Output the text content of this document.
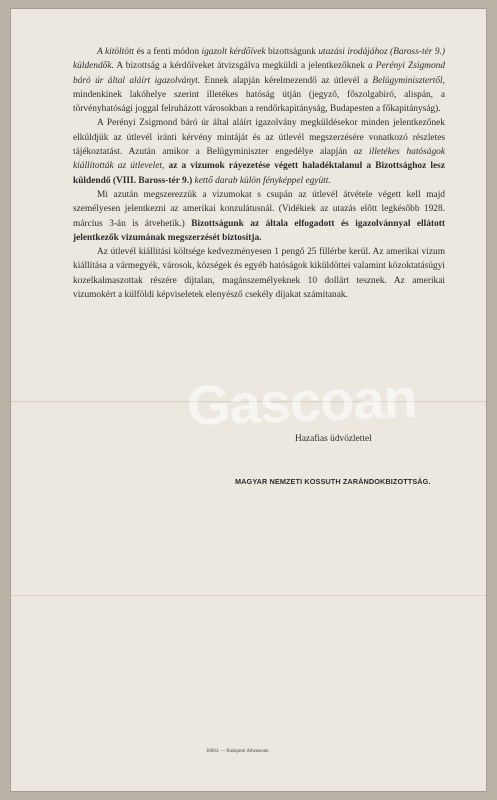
A kitöltött és a fenti módon igazolt kérdőívek bizottságunk utazási irodájához (Baross-tér 9.) küldendők. A bizottság a kérdőíveket átvizsgálva megküldi a jelentkezőknek a Perényi Zsigmond báró úr által aláírt igazolványt. Ennek alapján kérelmezendő az útlevél a Belügyminisztertől, mindenkinek lakóhelye szerint illetékes hatóság útján (jegyző, főszolgabiró, alispán, a törvényhatósági joggal felruházott városokban a rendőrkapitányság, Budapesten a főkapitányság).

A Perényi Zsigmond báró úr által aláírt igazolvány megküldésekor minden jelentkezőnek elküldjük az útlevél iránti kérvény mintáját és az útlevél megszerzésére vonatkozó részletes tájékoztatást. Azután amikor a Belügyminiszter engedélye alapján az illetékes hatóságok kiállították az útlevelet, az a vizumok ráyezetése végett haladéktalanul a Bizottsághoz lesz küldendő (VIII. Baross-tér 9.) kettő darab külön fényképpel együtt.

Mi azután megszerezzük a vizumokat s csupán az útlevél átvétele végett kell majd személyesen jelentkezni az amerikai konzulátusnál. (Vidékiek az utazás előtt legkésőbb 1928. március 3-án is átvehetik.) Bizottságunk az általa elfogadott és igazolvánnyal ellátott jelentkezők vizumának megszerzését biztosítja.

Az útlevél kiállítási költsége kedvezményesen 1 pengő 25 fillérbe kerül. Az amerikai vizum kiállítása a vármegyék, városok, községek és egyéb hatóságok kiküldöttei valamint közoktatásügyi kozelkalmaszottak részére díjtalan, magánszemélyeknek 10 dollárt tesznek. Az amerikai vizumokért a külföldi képviseletek elenyésző csekély díjakat számítanak.

Hazafias üdvözlettel
MAGYAR NEMZETI KOSSUTH ZARÁNDOKBIZOTTSÁG.
Gascoan
30604. — Budapesti Athenaeum
